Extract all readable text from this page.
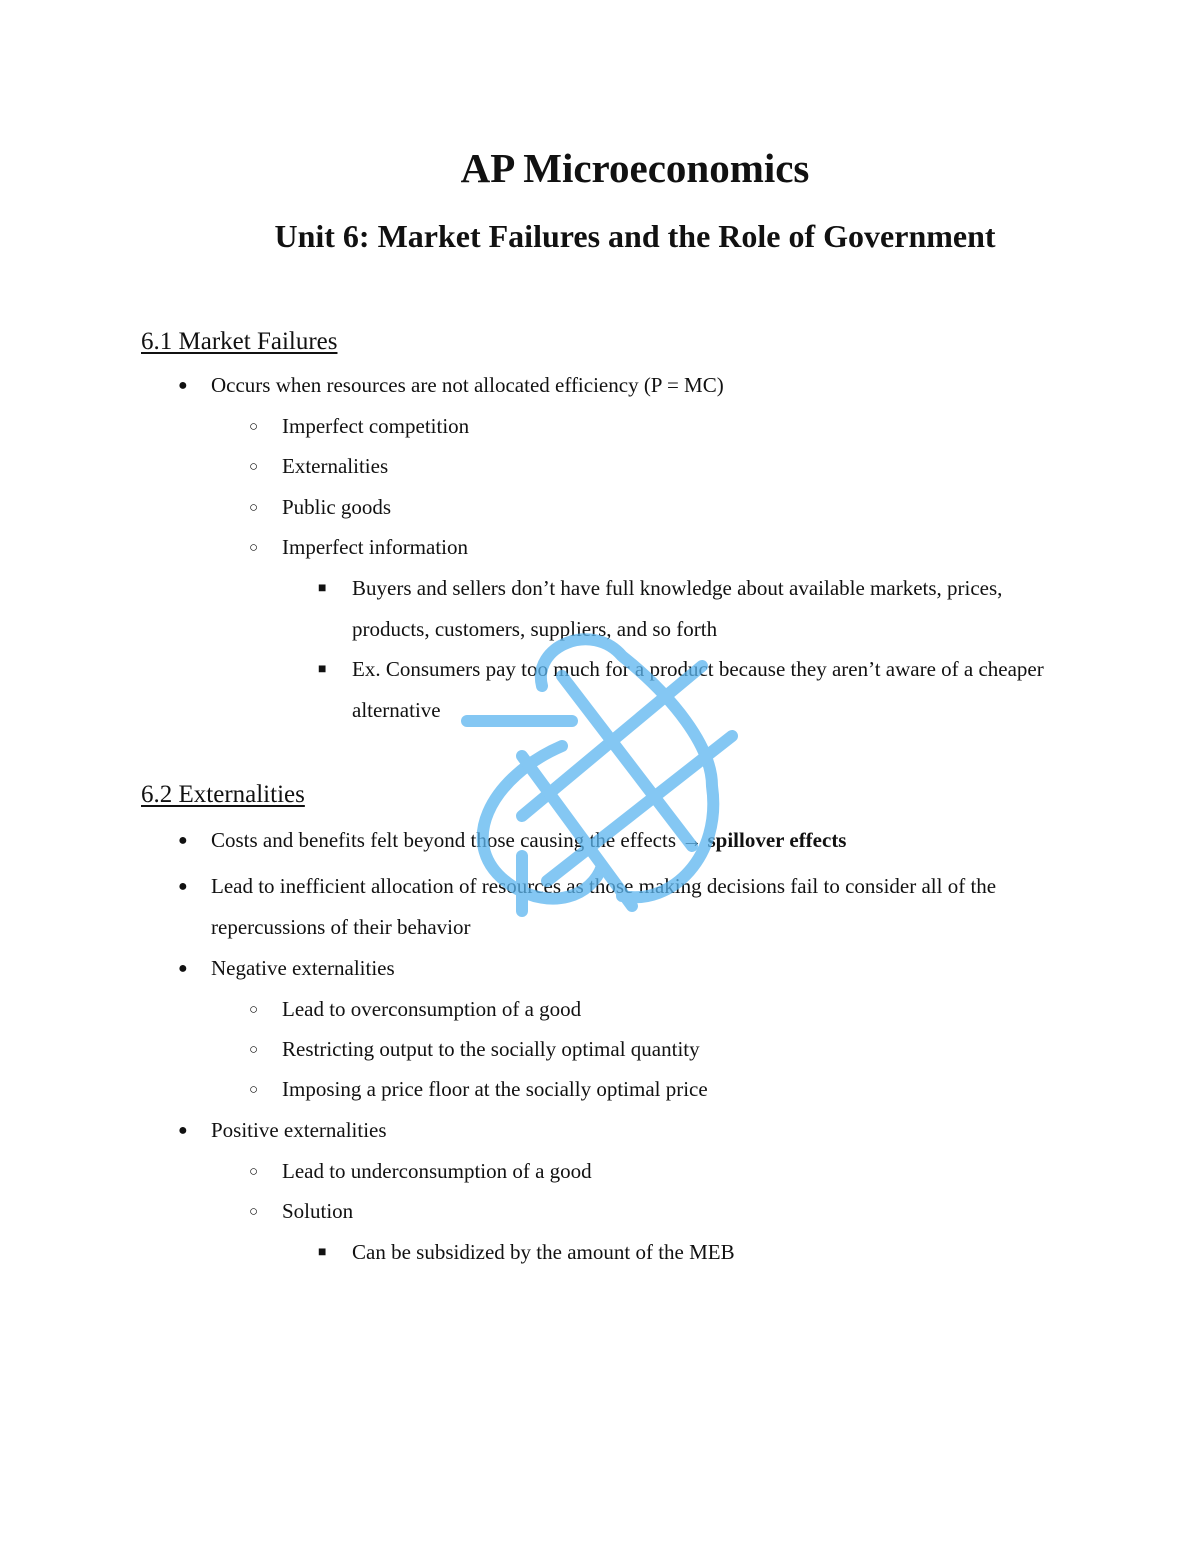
AP Microeconomics
Unit 6: Market Failures and the Role of Government
6.1 Market Failures
● Occurs when resources are not allocated efficiency (P = MC)
○ Imperfect competition
○ Externalities
○ Public goods
○ Imperfect information
■ Buyers and sellers don’t have full knowledge about available markets, prices,
products, customers, suppliers, and so forth
■ Ex. Consumers pay too much for a product because they aren’t aware of a cheaper
alternative
6.2 Externalities
● Costs and benefits felt beyond those causing the effects → spillover effects
● Lead to inefficient allocation of resources as those making decisions fail to consider all of the
repercussions of their behavior
● Negative externalities
○ Lead to overconsumption of a good
○ Restricting output to the socially optimal quantity
○ Imposing a price floor at the socially optimal price
● Positive externalities
○ Lead to underconsumption of a good
○ Solution
■ Can be subsidized by the amount of the MEB
